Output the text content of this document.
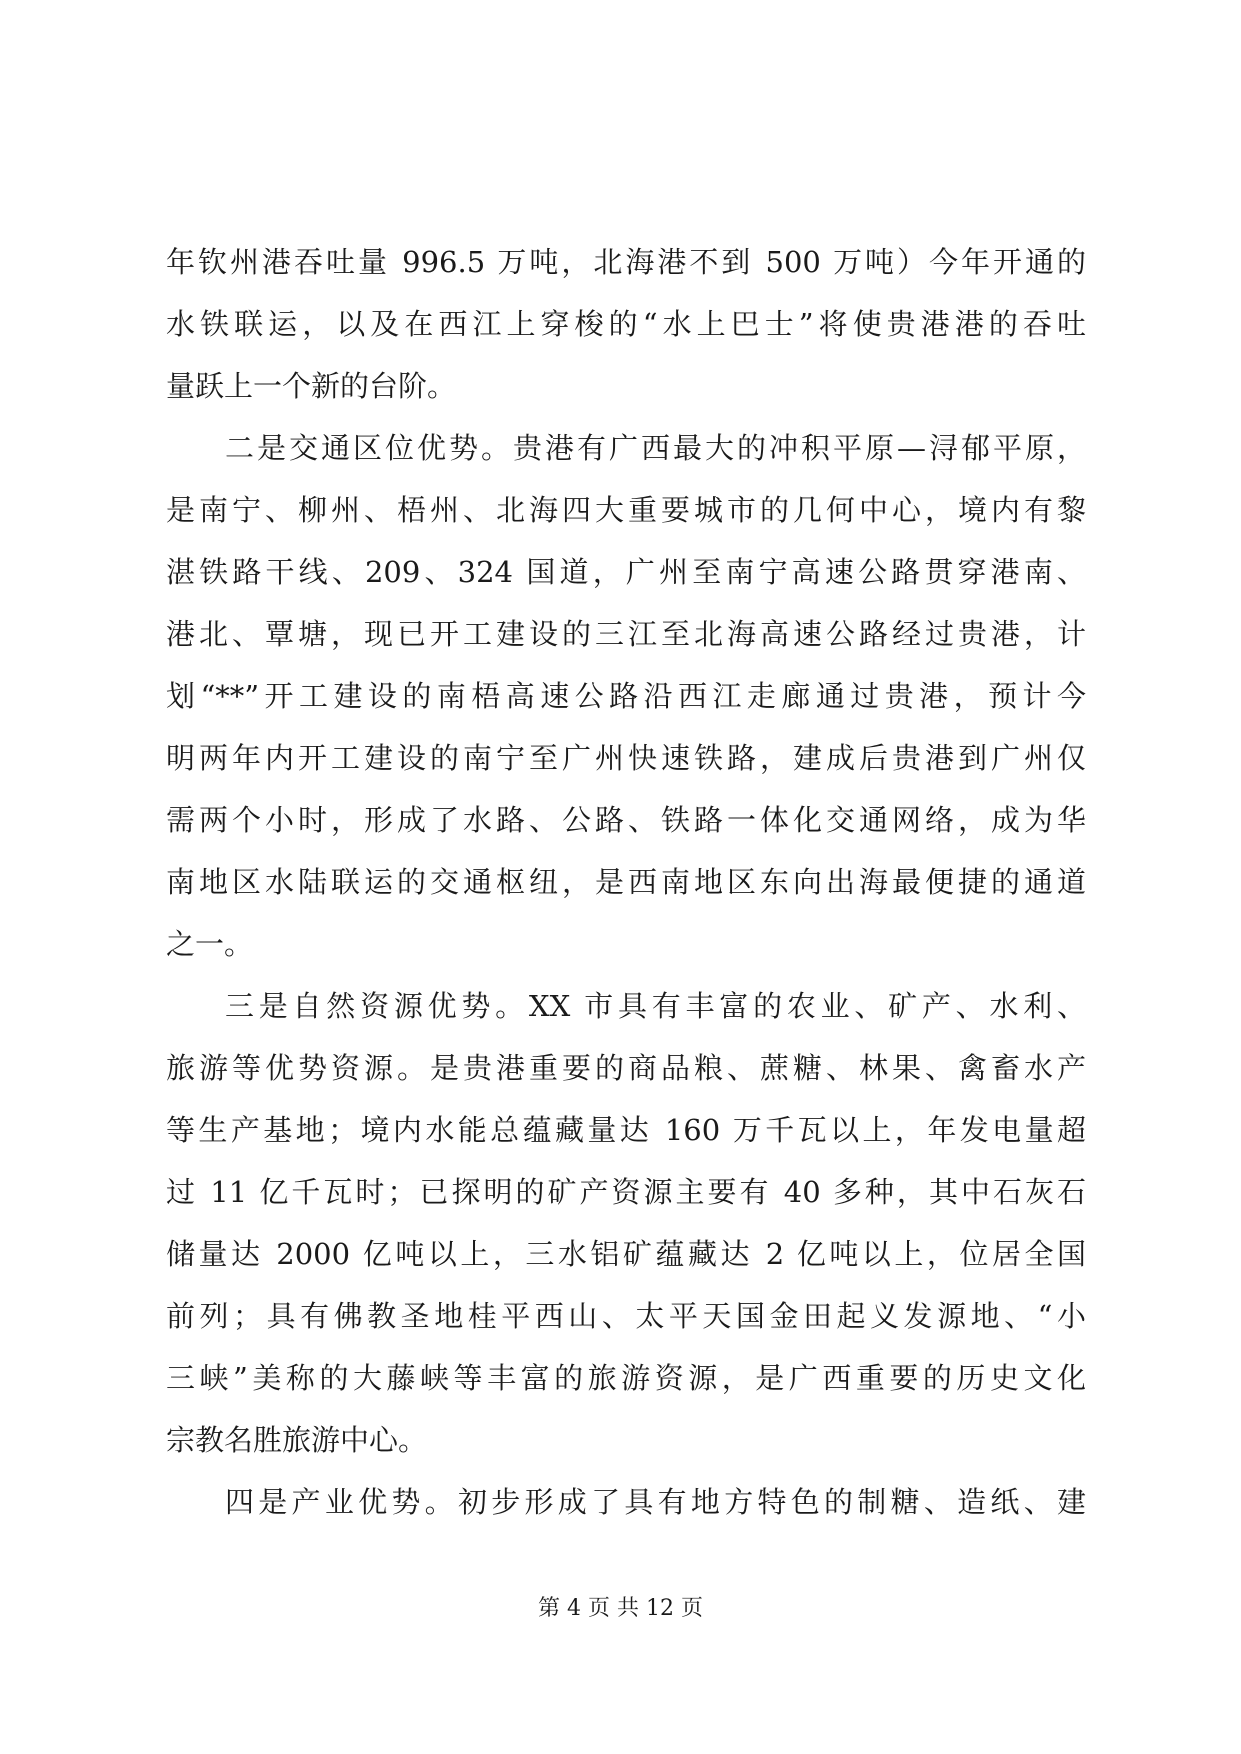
年钦州港吞吐量 996.5 万吨，北海港不到 500 万吨）今年开通的
水铁联运，以及在西江上穿梭的“水上巴士”将使贵港港的吞吐
量跃上一个新的台阶。
二是交通区位优势。贵港有广西最大的冲积平原—浔郁平原，
是南宁、柳州、梧州、北海四大重要城市的几何中心，境内有黎
湛铁路干线、209、324 国道，广州至南宁高速公路贯穿港南、
港北、覃塘，现已开工建设的三江至北海高速公路经过贵港，计
划“**”开工建设的南梧高速公路沿西江走廊通过贵港，预计今
明两年内开工建设的南宁至广州快速铁路，建成后贵港到广州仅
需两个小时，形成了水路、公路、铁路一体化交通网络，成为华
南地区水陆联运的交通枢纽，是西南地区东向出海最便捷的通道
之一。
三是自然资源优势。XX 市具有丰富的农业、矿产、水利、
旅游等优势资源。是贵港重要的商品粮、蔗糖、林果、禽畜水产
等生产基地；境内水能总蕴藏量达 160 万千瓦以上，年发电量超
过 11 亿千瓦时；已探明的矿产资源主要有 40 多种，其中石灰石
储量达 2000 亿吨以上，三水铝矿蕴藏达 2 亿吨以上，位居全国
前列；具有佛教圣地桂平西山、太平天国金田起义发源地、“小
三峡”美称的大藤峡等丰富的旅游资源，是广西重要的历史文化
宗教名胜旅游中心。
四是产业优势。初步形成了具有地方特色的制糖、造纸、建
第 4 页 共 12 页
